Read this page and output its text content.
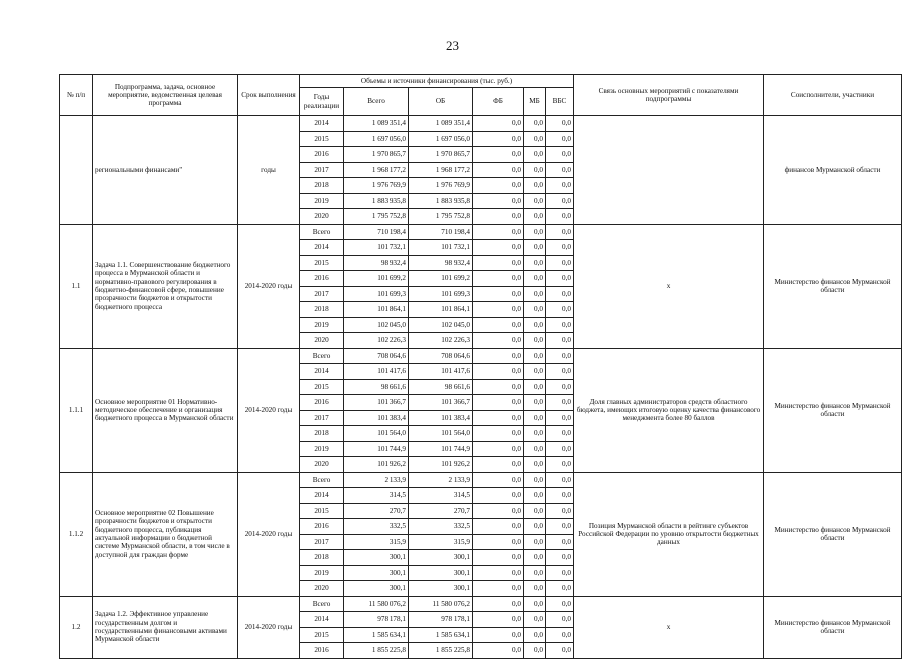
23
№ п/п	Подпрограмма, задача, основное мероприятие, ведомственная целевая программа	Срок выполнения	Объемы и источники финансирования (тыс. руб.)						Связь основных мероприятий с показателями подпрограммы	Соисполнители, участники
			Годы реализации	Всего	ОБ	ФБ	МБ	ВБС		
	региональными финансами"	годы	2014	1 089 351,4	1 089 351,4	0,0	0,0	0,0		финансов Мурманской области
			2015	1 697 056,0	1 697 056,0	0,0	0,0	0,0		
			2016	1 970 865,7	1 970 865,7	0,0	0,0	0,0		
			2017	1 968 177,2	1 968 177,2	0,0	0,0	0,0		
			2018	1 976 769,9	1 976 769,9	0,0	0,0	0,0		
			2019	1 883 935,8	1 883 935,8	0,0	0,0	0,0		
			2020	1 795 752,8	1 795 752,8	0,0	0,0	0,0		
1.1	Задача 1.1. Совершенствование бюджетного процесса в Мурманской области и нормативно-правового регулирования в бюджетно-финансовой сфере, повышение прозрачности бюджетов и открытости бюджетного процесса	2014-2020 годы	Всего	710 198,4	710 198,4	0,0	0,0	0,0	х	Министерство финансов Мурманской области
			2014	101 732,1	101 732,1	0,0	0,0	0,0		
			2015	98 932,4	98 932,4	0,0	0,0	0,0		
			2016	101 699,2	101 699,2	0,0	0,0	0,0		
			2017	101 699,3	101 699,3	0,0	0,0	0,0		
			2018	101 864,1	101 864,1	0,0	0,0	0,0		
			2019	102 045,0	102 045,0	0,0	0,0	0,0		
			2020	102 226,3	102 226,3	0,0	0,0	0,0		
1.1.1	Основное мероприятие 01 Нормативно-методическое обеспечение и организация бюджетного процесса в Мурманской области	2014-2020 годы	Всего	708 064,6	708 064,6	0,0	0,0	0,0	Доля главных администраторов средств областного бюджета, имеющих итоговую оценку качества финансового менеджмента более 80 баллов	Министерство финансов Мурманской области
			2014	101 417,6	101 417,6	0,0	0,0	0,0		
			2015	98 661,6	98 661,6	0,0	0,0	0,0		
			2016	101 366,7	101 366,7	0,0	0,0	0,0		
			2017	101 383,4	101 383,4	0,0	0,0	0,0		
			2018	101 564,0	101 564,0	0,0	0,0	0,0		
			2019	101 744,9	101 744,9	0,0	0,0	0,0		
			2020	101 926,2	101 926,2	0,0	0,0	0,0		
1.1.2	Основное мероприятие 02 Повышение прозрачности бюджетов и открытости бюджетного процесса, публикация актуальной информации о бюджетной системе Мурманской области, в том числе в доступной для граждан форме	2014-2020 годы	Всего	2 133,9	2 133,9	0,0	0,0	0,0	Позиция Мурманской области в рейтинге субъектов Российской Федерации по уровню открытости бюджетных данных	Министерство финансов Мурманской области
			2014	314,5	314,5	0,0	0,0	0,0		
			2015	270,7	270,7	0,0	0,0	0,0		
			2016	332,5	332,5	0,0	0,0	0,0		
			2017	315,9	315,9	0,0	0,0	0,0		
			2018	300,1	300,1	0,0	0,0	0,0		
			2019	300,1	300,1	0,0	0,0	0,0		
			2020	300,1	300,1	0,0	0,0	0,0		
1.2	Задача 1.2. Эффективное управление государственным долгом и государственными финансовыми активами Мурманской области	2014-2020 годы	Всего	11 580 076,2	11 580 076,2	0,0	0,0	0,0	х	Министерство финансов Мурманской области
			2014	978 178,1	978 178,1	0,0	0,0	0,0		
			2015	1 585 634,1	1 585 634,1	0,0	0,0	0,0		
			2016	1 855 225,8	1 855 225,8	0,0	0,0	0,0		
